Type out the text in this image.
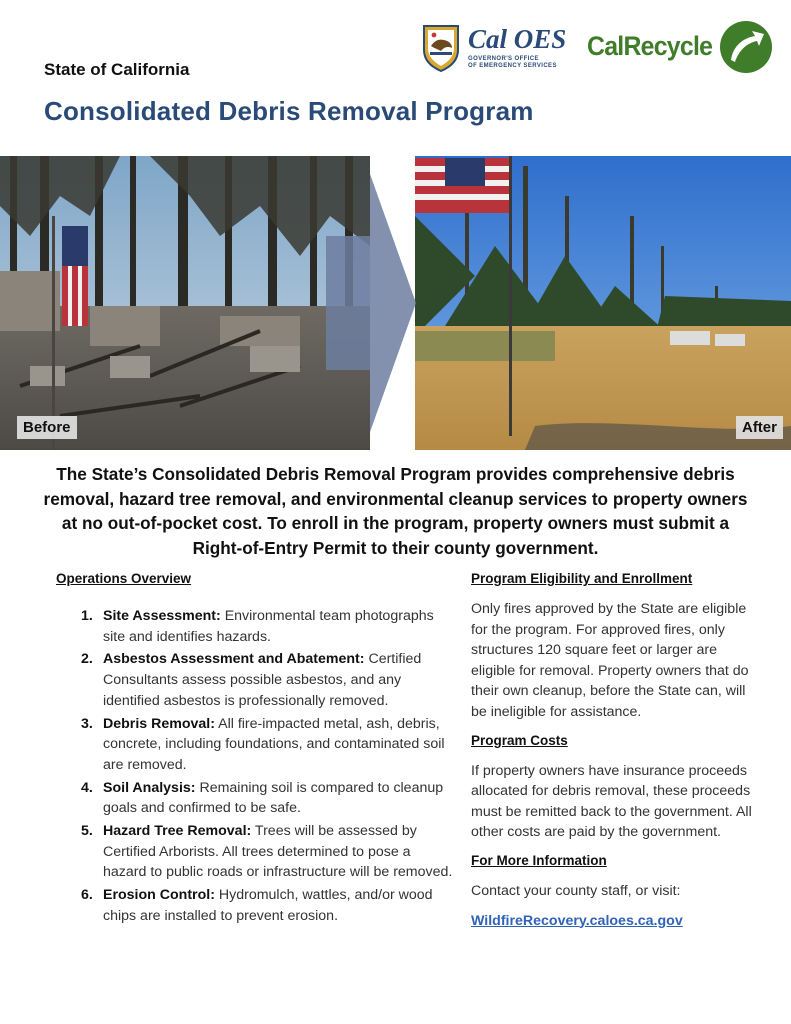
State of California
Consolidated Debris Removal Program
Cal OES
GOVERNOR'S OFFICE
OF EMERGENCY SERVICES
CalRecycle
Before	After

The State’s Consolidated Debris Removal Program provides comprehensive debris removal, hazard tree removal, and environmental cleanup services to property owners at no out-of-pocket cost. To enroll in the program, property owners must submit a Right-of-Entry Permit to their county government.

Operations Overview
1. Site Assessment: Environmental team photographs site and identifies hazards.
2. Asbestos Assessment and Abatement: Certified Consultants assess possible asbestos, and any identified asbestos is professionally removed.
3. Debris Removal: All fire-impacted metal, ash, debris, concrete, including foundations, and contaminated soil are removed.
4. Soil Analysis: Remaining soil is compared to cleanup goals and confirmed to be safe.
5. Hazard Tree Removal: Trees will be assessed by Certified Arborists. All trees determined to pose a hazard to public roads or infrastructure will be removed.
6. Erosion Control: Hydromulch, wattles, and/or wood chips are installed to prevent erosion.
Program Eligibility and Enrollment

Only fires approved by the State are eligible for the program. For approved fires, only structures 120 square feet or larger are eligible for removal. Property owners that do their own cleanup, before the State can, will be ineligible for assistance.

Program Costs

If property owners have insurance proceeds allocated for debris removal, these proceeds must be remitted back to the government. All other costs are paid by the government.

For More Information

Contact your county staff, or visit:

WildfireRecovery.caloes.ca.gov
